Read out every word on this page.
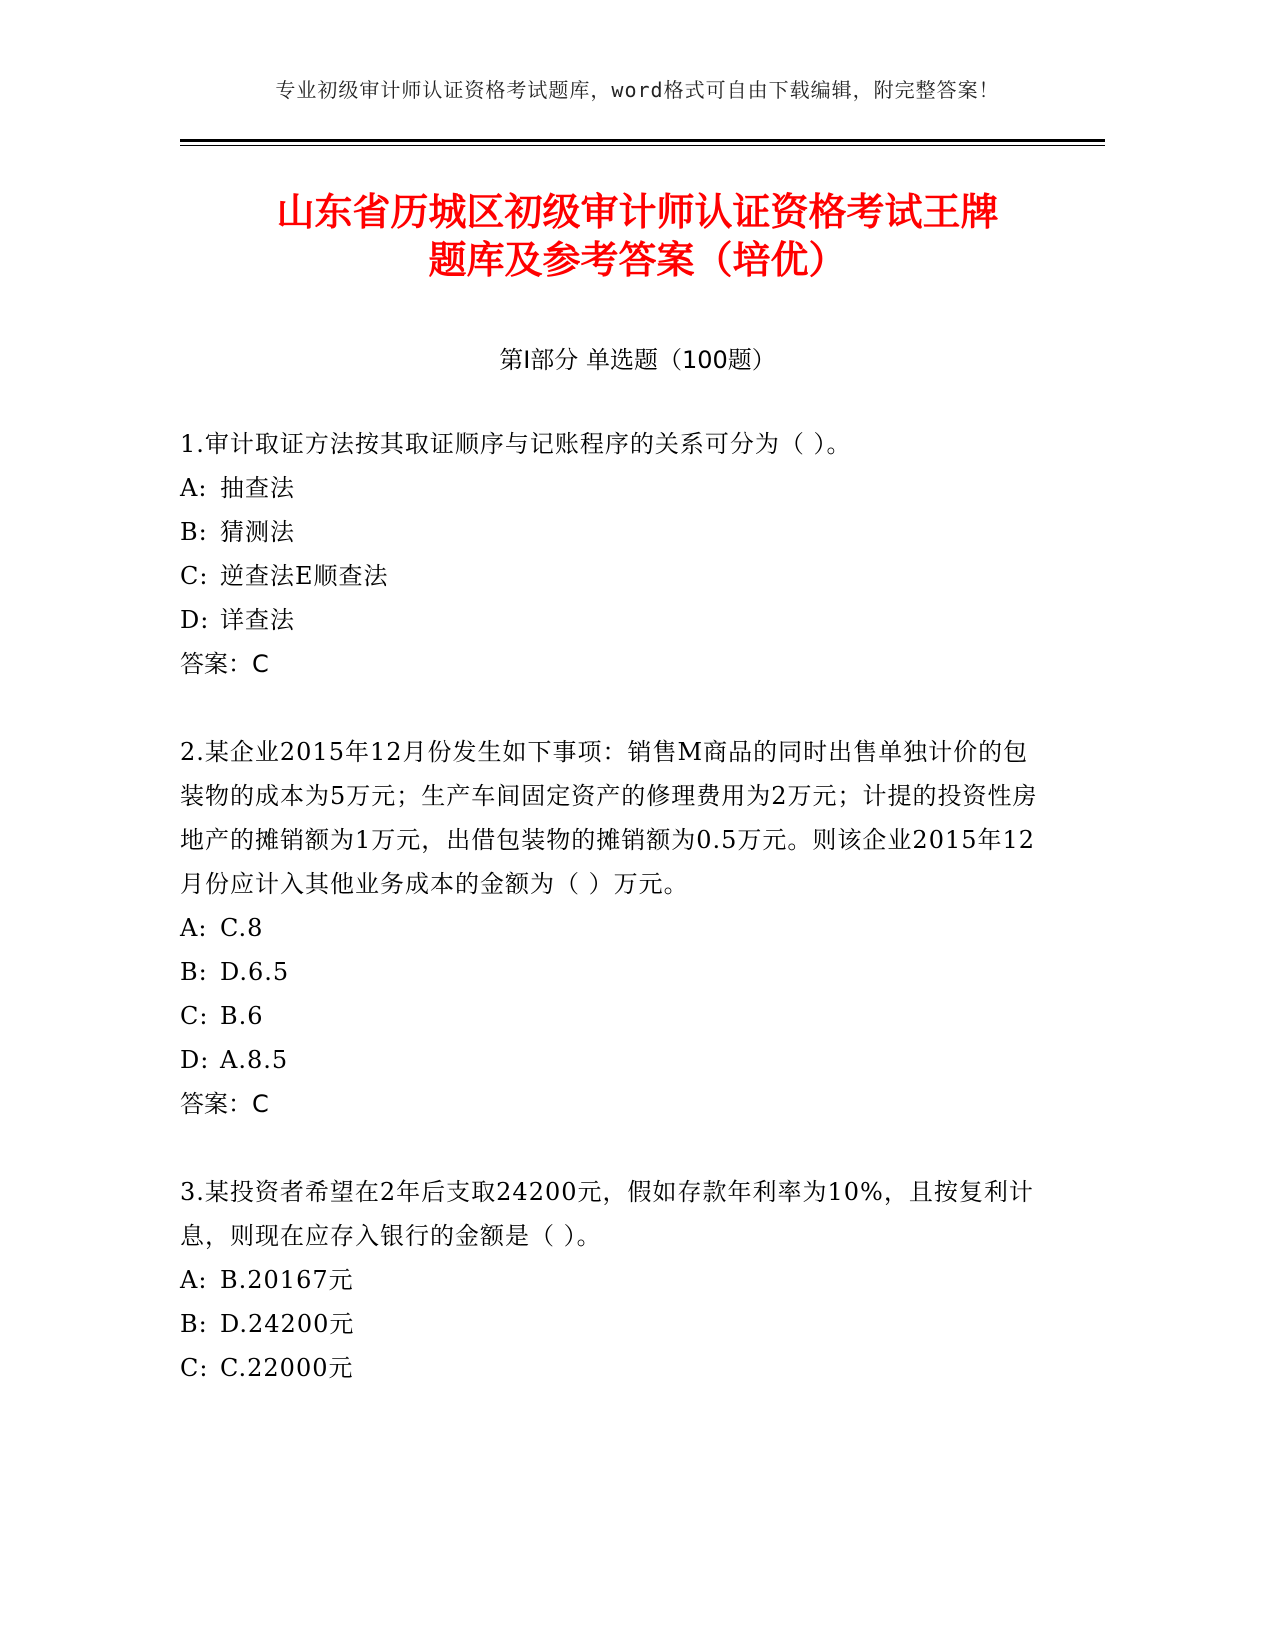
专业初级审计师认证资格考试题库，word格式可自由下载编辑，附完整答案！
山东省历城区初级审计师认证资格考试王牌
题库及参考答案（培优）
第Ⅰ部分 单选题（100题）

1.审计取证方法按其取证顺序与记账程序的关系可分为（ ）。

A: 抽查法

B: 猜测法

C: 逆查法E顺查法

D: 详查法

答案：C

2.某企业2015年12月份发生如下事项：销售M商品的同时出售单独计价的包装物的成本为5万元；生产车间固定资产的修理费用为2万元；计提的投资性房地产的摊销额为1万元，出借包装物的摊销额为0.5万元。则该企业2015年12月份应计入其他业务成本的金额为（ ）万元。

A: C.8

B: D.6.5

C: B.6

D: A.8.5

答案：C

3.某投资者希望在2年后支取24200元，假如存款年利率为10%，且按复利计息，则现在应存入银行的金额是（ ）。

A: B.20167元

B: D.24200元

C: C.22000元
